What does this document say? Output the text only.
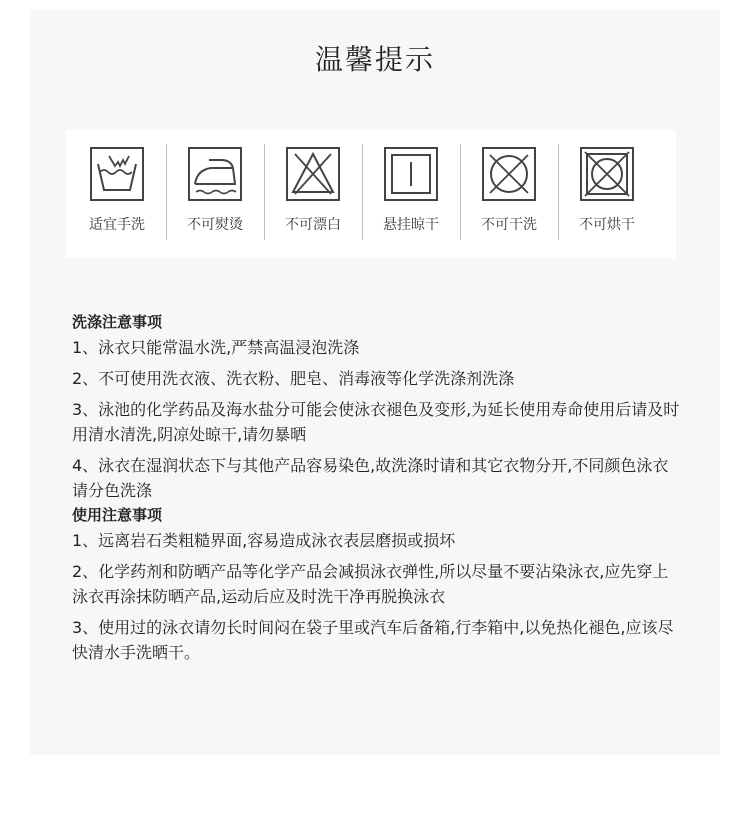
温馨提示
适宜手洗	不可熨烫	不可漂白	悬挂晾干	不可干洗	不可烘干

洗涤注意事项

1、泳衣只能常温水洗,严禁高温浸泡洗涤

2、不可使用洗衣液、洗衣粉、肥皂、消毒液等化学洗涤剂洗涤

3、泳池的化学药品及海水盐分可能会使泳衣褪色及变形,为延长使用寿命使用后请及时用清水清洗,阴凉处晾干,请勿暴晒

4、泳衣在湿润状态下与其他产品容易染色,故洗涤时请和其它衣物分开,不同颜色泳衣请分色洗涤

使用注意事项

1、远离岩石类粗糙界面,容易造成泳衣表层磨损或损坏

2、化学药剂和防晒产品等化学产品会减损泳衣弹性,所以尽量不要沾染泳衣,应先穿上泳衣再涂抹防晒产品,运动后应及时洗干净再脱换泳衣

3、使用过的泳衣请勿长时间闷在袋子里或汽车后备箱,行李箱中,以免热化褪色,应该尽快清水手洗晒干。
